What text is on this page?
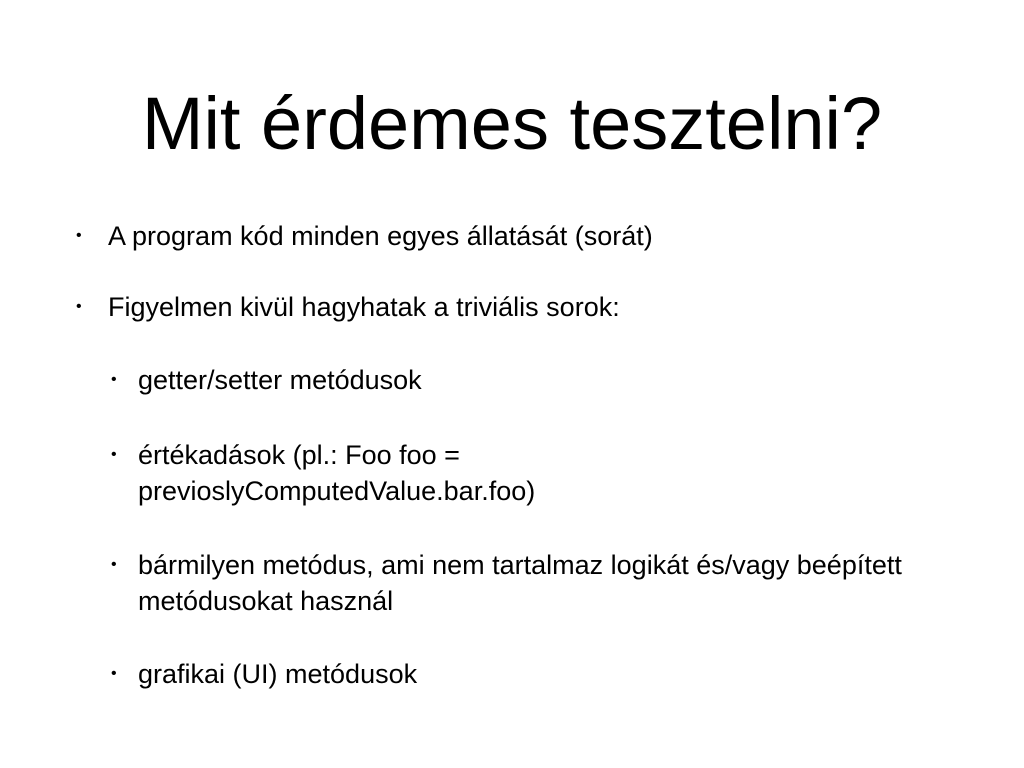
Mit érdemes tesztelni?
• A program kód minden egyes állatását (sorát)
• Figyelmen kivül hagyhatak a triviális sorok:
• getter/setter metódusok
• értékadások (pl.: Foo foo = previoslyComputedValue.bar.foo)
• bármilyen metódus, ami nem tartalmaz logikát és/vagy beépített metódusokat használ
• grafikai (UI) metódusok
